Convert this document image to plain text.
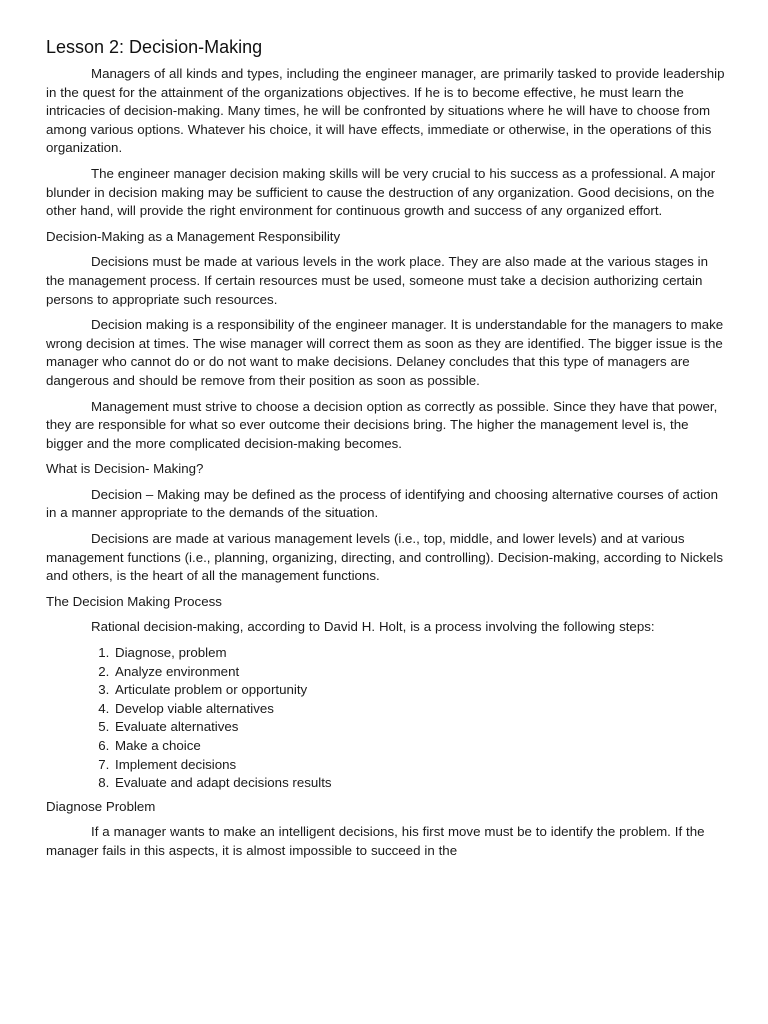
Lesson 2: Decision-Making

Managers of all kinds and types, including the engineer manager, are primarily tasked to provide leadership in the quest for the attainment of the organizations objectives. If he is to become effective, he must learn the intricacies of decision-making. Many times, he will be confronted by situations where he will have to choose from among various options. Whatever his choice, it will have effects, immediate or otherwise, in the operations of this organization.

The engineer manager decision making skills will be very crucial to his success as a professional. A major blunder in decision making may be sufficient to cause the destruction of any organization. Good decisions, on the other hand, will provide the right environment for continuous growth and success of any organized effort.

Decision-Making as a Management Responsibility

Decisions must be made at various levels in the work place. They are also made at the various stages in the management process. If certain resources must be used, someone must take a decision authorizing certain persons to appropriate such resources.

Decision making is a responsibility of the engineer manager. It is understandable for the managers to make wrong decision at times. The wise manager will correct them as soon as they are identified. The bigger issue is the manager who cannot do or do not want to make decisions. Delaney concludes that this type of managers are dangerous and should be remove from their position as soon as possible.

Management must strive to choose a decision option as correctly as possible. Since they have that power, they are responsible for what so ever outcome their decisions bring. The higher the management level is, the bigger and the more complicated decision-making becomes.

What is Decision- Making?

Decision – Making may be defined as the process of identifying and choosing alternative courses of action in a manner appropriate to the demands of the situation.

Decisions are made at various management levels (i.e., top, middle, and lower levels) and at various management functions (i.e., planning, organizing, directing, and controlling). Decision-making, according to Nickels and others, is the heart of all the management functions.

The Decision Making Process

Rational decision-making, according to David H. Holt, is a process involving the following steps:

1. Diagnose, problem
2. Analyze environment
3. Articulate problem or opportunity
4. Develop viable alternatives
5. Evaluate alternatives
6. Make a choice
7. Implement decisions
8. Evaluate and adapt decisions results

Diagnose Problem

If a manager wants to make an intelligent decisions, his first move must be to identify the problem. If the manager fails in this aspects, it is almost impossible to succeed in the
